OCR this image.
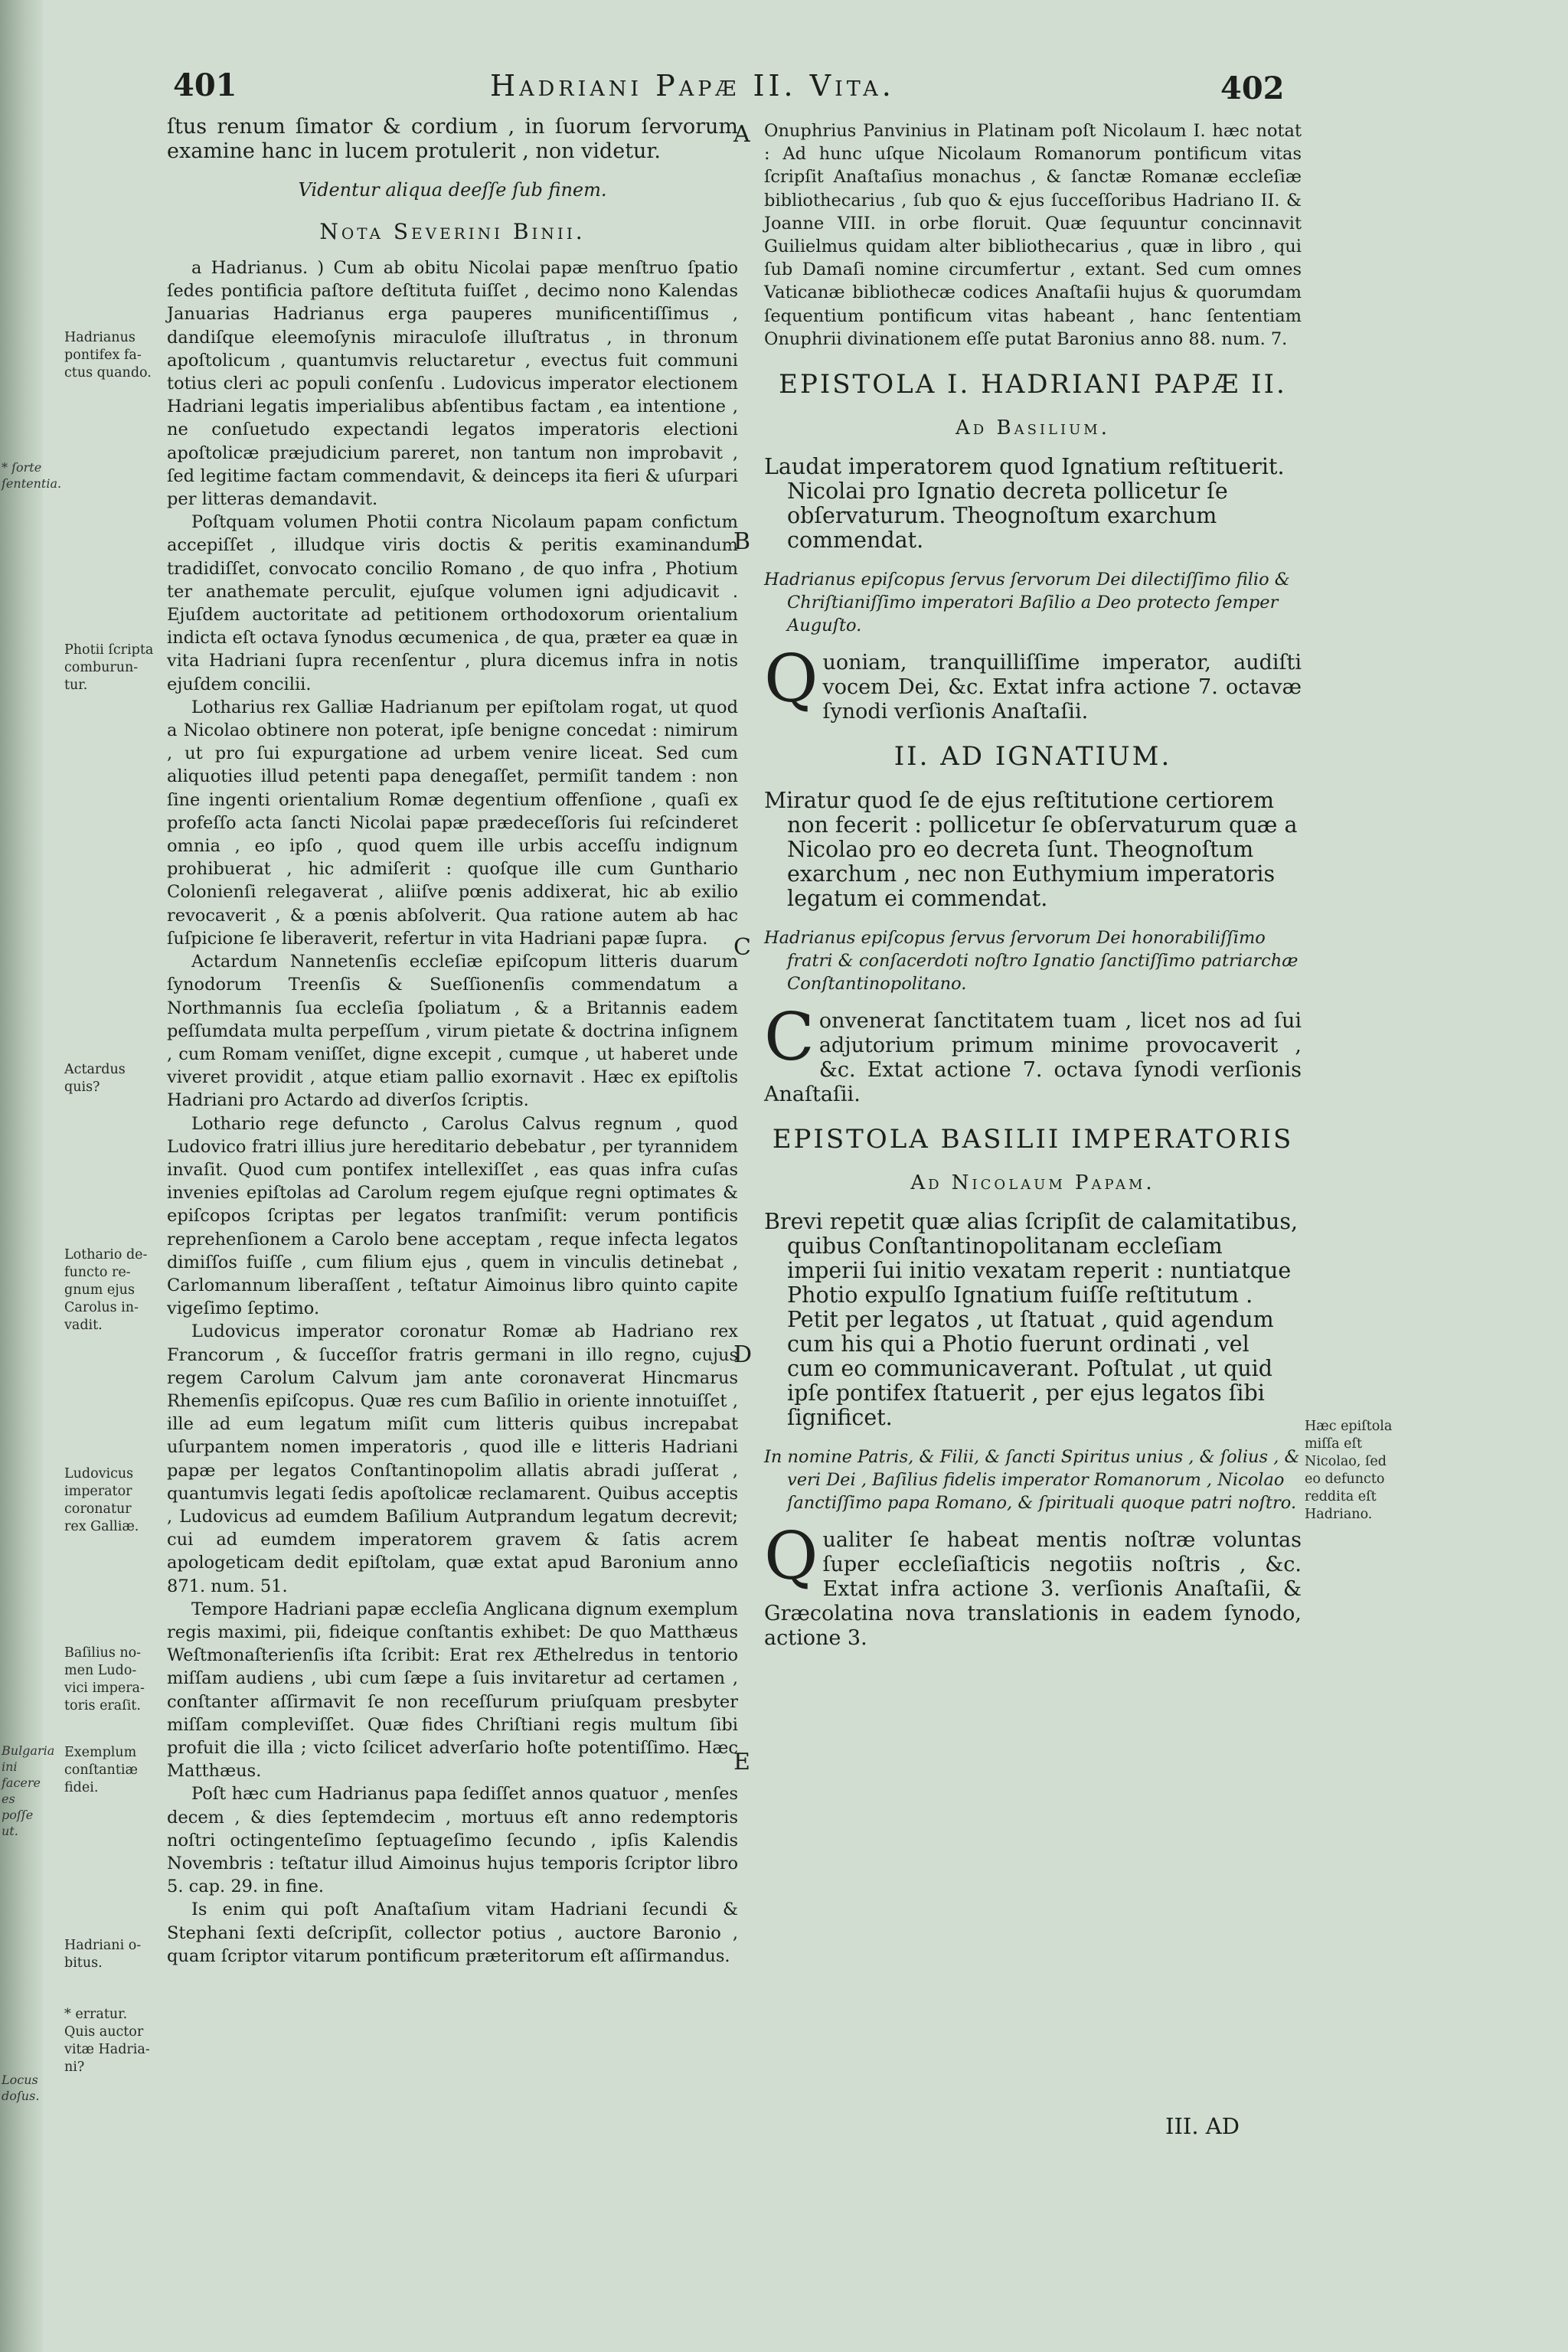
* ſorte
ſententia.
Bulgaria
ini facere
es poſſe
ut.
Locus
doſus.
401	Hadriani Papæ II. Vita.	402

ſtus renum ſimator & cordium , in ſuorum ſervorum examine hanc in lucem protulerit , non videtur.

Videntur aliqua deeſſe ſub finem.
Nota Severini Binii.

a Hadrianus. ) Cum ab obitu Nicolai papæ menſtruo ſpatio ſedes pontificia paſtore deſtituta fuiſſet , decimo nono Kalendas Januarias Hadrianus erga pauperes munificentiſſimus , dandiſque eleemoſynis miraculoſe illuſtratus , in thronum apoſtolicum , quantumvis reluctaretur , evectus fuit communi totius cleri ac populi conſenſu . Ludovicus imperator electionem Hadriani legatis imperialibus abſentibus factam , ea intentione , ne conſuetudo expectandi legatos imperatoris electioni apoſtolicæ præjudicium pareret, non tantum non improbavit , ſed legitime factam commendavit, & deinceps ita fieri & uſurpari per litteras demandavit.

Poſtquam volumen Photii contra Nicolaum papam confictum accepiſſet , illudque viris doctis & peritis examinandum tradidiſſet, convocato concilio Romano , de quo infra , Photium ter anathemate perculit, ejuſque volumen igni adjudicavit . Ejuſdem auctoritate ad petitionem orthodoxorum orientalium indicta eſt octava ſynodus œcumenica , de qua, præter ea quæ in vita Hadriani ſupra recenſentur , plura dicemus infra in notis ejuſdem concilii.

Lotharius rex Galliæ Hadrianum per epiſtolam rogat, ut quod a Nicolao obtinere non poterat, ipſe benigne concedat : nimirum , ut pro ſui expurgatione ad urbem venire liceat. Sed cum aliquoties illud petenti papa denegaſſet, permiſit tandem : non ſine ingenti orientalium Romæ degentium offenſione , quaſi ex profeſſo acta ſancti Nicolai papæ prædeceſſoris ſui reſcinderet omnia , eo ipſo , quod quem ille urbis acceſſu indignum prohibuerat , hic admiſerit : quoſque ille cum Gunthario Colonienſi relegaverat , aliiſve pœnis addixerat, hic ab exilio revocaverit , & a pœnis abſolverit. Qua ratione autem ab hac ſuſpicione ſe liberaverit, refertur in vita Hadriani papæ ſupra.

Actardum Nannetenſis eccleſiæ epiſcopum litteris duarum ſynodorum Treenſis & Sueſſionenſis commendatum a Northmannis ſua eccleſia ſpoliatum , & a Britannis eadem peſſumdata multa perpeſſum , virum pietate & doctrina inſignem , cum Romam veniſſet, digne excepit , cumque , ut haberet unde viveret providit , atque etiam pallio exornavit . Hæc ex epiſtolis Hadriani pro Actardo ad diverſos ſcriptis.

Lothario rege defuncto , Carolus Calvus regnum , quod Ludovico fratri illius jure hereditario debebatur , per tyrannidem invaſit. Quod cum pontifex intellexiſſet , eas quas infra cuſas invenies epiſtolas ad Carolum regem ejuſque regni optimates & epiſcopos ſcriptas per legatos tranſmiſit: verum pontificis reprehenſionem a Carolo bene acceptam , reque infecta legatos dimiſſos fuiſſe , cum filium ejus , quem in vinculis detinebat , Carlomannum liberaſſent , teſtatur Aimoinus libro quinto capite vigeſimo ſeptimo.

Ludovicus imperator coronatur Romæ ab Hadriano rex Francorum , & ſucceſſor fratris germani in illo regno, cujus regem Carolum Calvum jam ante coronaverat Hincmarus Rhemenſis epiſcopus. Quæ res cum Baſilio in orientе innotuiſſet , ille ad eum legatum miſit cum litteris quibus increpabat uſurpantem nomen imperatoris , quod ille e litteris Hadriani papæ per legatos Conſtantinopolim allatis abradi juſſerat , quantumvis legati ſedis apoſtolicæ reclamarent. Quibus acceptis , Ludovicus ad eumdem Baſilium Autprandum legatum decrevit; cui ad eumdem imperatorem gravem & ſatis acrem apologeticam dedit epiſtolam, quæ extat apud Baronium anno 871. num. 51.

Tempore Hadriani papæ eccleſia Anglicana dignum exemplum regis maximi, pii, fideique conſtantis exhibet: De quo Matthæus Weſtmonaſterienſis iſta ſcribit: Erat rex Æthelredus in tentorio miſſam audiens , ubi cum ſæpe a ſuis invitaretur ad certamen , conſtanter aſſirmavit ſe non receſſurum priuſquam presbyter miſſam compleviſſet. Quæ fides Chriſtiani regis multum ſibi profuit die illa ; victo ſcilicet adverſario hoſte potentiſſimo. Hæc Matthæus.

Poſt hæc cum Hadrianus papa ſediſſet annos quatuor , menſes decem , & dies ſeptemdecim , mortuus eſt anno redemptoris noſtri octingenteſimo ſeptuageſimo ſecundo , ipſis Kalendis Novembris : teſtatur illud Aimoinus hujus temporis ſcriptor libro 5. cap. 29. in fine.

Is enim qui poſt Anaſtaſium vitam Hadriani ſecundi & Stephani ſexti deſcripſit, collector potius , auctore Baronio , quam ſcriptor vitarum pontificum præteritorum eſt aſſirmandus.

Hadrianus
pontifex fa-
ctus quando.
Photii ſcripta
comburun-
tur.
Actardus
quis?
Lothario de-
functo re-
gnum ejus
Carolus in-
vadit.
Ludovicus
imperator
coronatur
rex Galliæ.
Baſilius no-
men Ludo-
vici impera-
toris eraſit.
Exemplum
conſtantiæ
fidei.
Hadriani o-
bitus.
* erratur.
Quis auctor
vitæ Hadria-
ni?
A
B
C
D
E

Onuphrius Panvinius in Platinam poſt Nicolaum I. hæc notat : Ad hunc uſque Nicolaum Romanorum pontificum vitas ſcripſit Anaſtaſius monachus , & ſanctæ Romanæ eccleſiæ bibliothecarius , ſub quo & ejus ſucceſſoribus Hadriano II. & Joanne VIII. in orbe floruit. Quæ ſequuntur concinnavit Guilielmus quidam alter bibliothecarius , quæ in libro , qui ſub Damaſi nomine circumfertur , extant. Sed cum omnes Vaticanæ bibliothecæ codices Anaſtaſii hujus & quorumdam ſequentium pontificum vitas habeant , hanc ſententiam Onuphrii divinationem eſſe putat Baronius anno 88. num. 7.

EPISTOLA I. HADRIANI PAPÆ II.
Ad Basilium.

Laudat imperatorem quod Ignatium reſtituerit. Nicolai pro Ignatio decreta pollicetur ſe obſervaturum. Theognoſtum exarchum commendat.

Hadrianus epiſcopus ſervus ſervorum Dei dilectiſſimo filio & Chriſtianiſſimo imperatori Baſilio a Deo protecto ſemper Auguſto.

Quoniam, tranquilliſſime imperator, audiſti vocem Dei, &c. Extat infra actione 7. octavæ ſynodi verſionis Anaſtaſii.

II. AD IGNATIUM.

Miratur quod ſe de ejus reſtitutione certiorem non fecerit : pollicetur ſe obſervaturum quæ a Nicolao pro eo decreta ſunt. Theognoſtum exarchum , nec non Euthymium imperatoris legatum ei commendat.

Hadrianus epiſcopus ſervus ſervorum Dei honorabiliſſimo fratri & conſacerdoti noſtro Ignatio ſanctiſſimo patriarchæ Conſtantinopolitano.

Convenerat ſanctitatem tuam , licet nos ad ſui adjutorium primum minime provocaverit , &c. Extat actione 7. octava ſynodi verſionis Anaſtaſii.

EPISTOLA BASILII IMPERATORIS
Ad Nicolaum Papam.

Brevi repetit quæ alias ſcripſit de calamitatibus, quibus Conſtantinopolitanam eccleſiam imperii ſui initio vexatam reperit : nuntiatque Photio expulſo Ignatium fuiſſe reſtitutum . Petit per legatos , ut ſtatuat , quid agendum cum his qui a Photio fuerunt ordinati , vel cum eo communicaverant. Poſtulat , ut quid ipſe pontifex ſtatuerit , per ejus legatos ſibi ſignificet.

In nomine Patris, & Filii, & ſancti Spiritus unius , & ſolius , & veri Dei , Baſilius fidelis imperator Romanorum , Nicolao ſanctiſſimo papa Romano, & ſpirituali quoque patri noſtro.

Qualiter ſe habeat mentis noſtræ voluntas ſuper eccleſiaſticis negotiis noſtris , &c. Extat infra actione 3. verſionis Anaſtaſii, & Græcolatina nova translationis in eadem ſynodo, actione 3.

Hæc epiſtola miſſa eſt Nicolao, ſed eo defuncto reddita eſt Hadriano.
III. AD
